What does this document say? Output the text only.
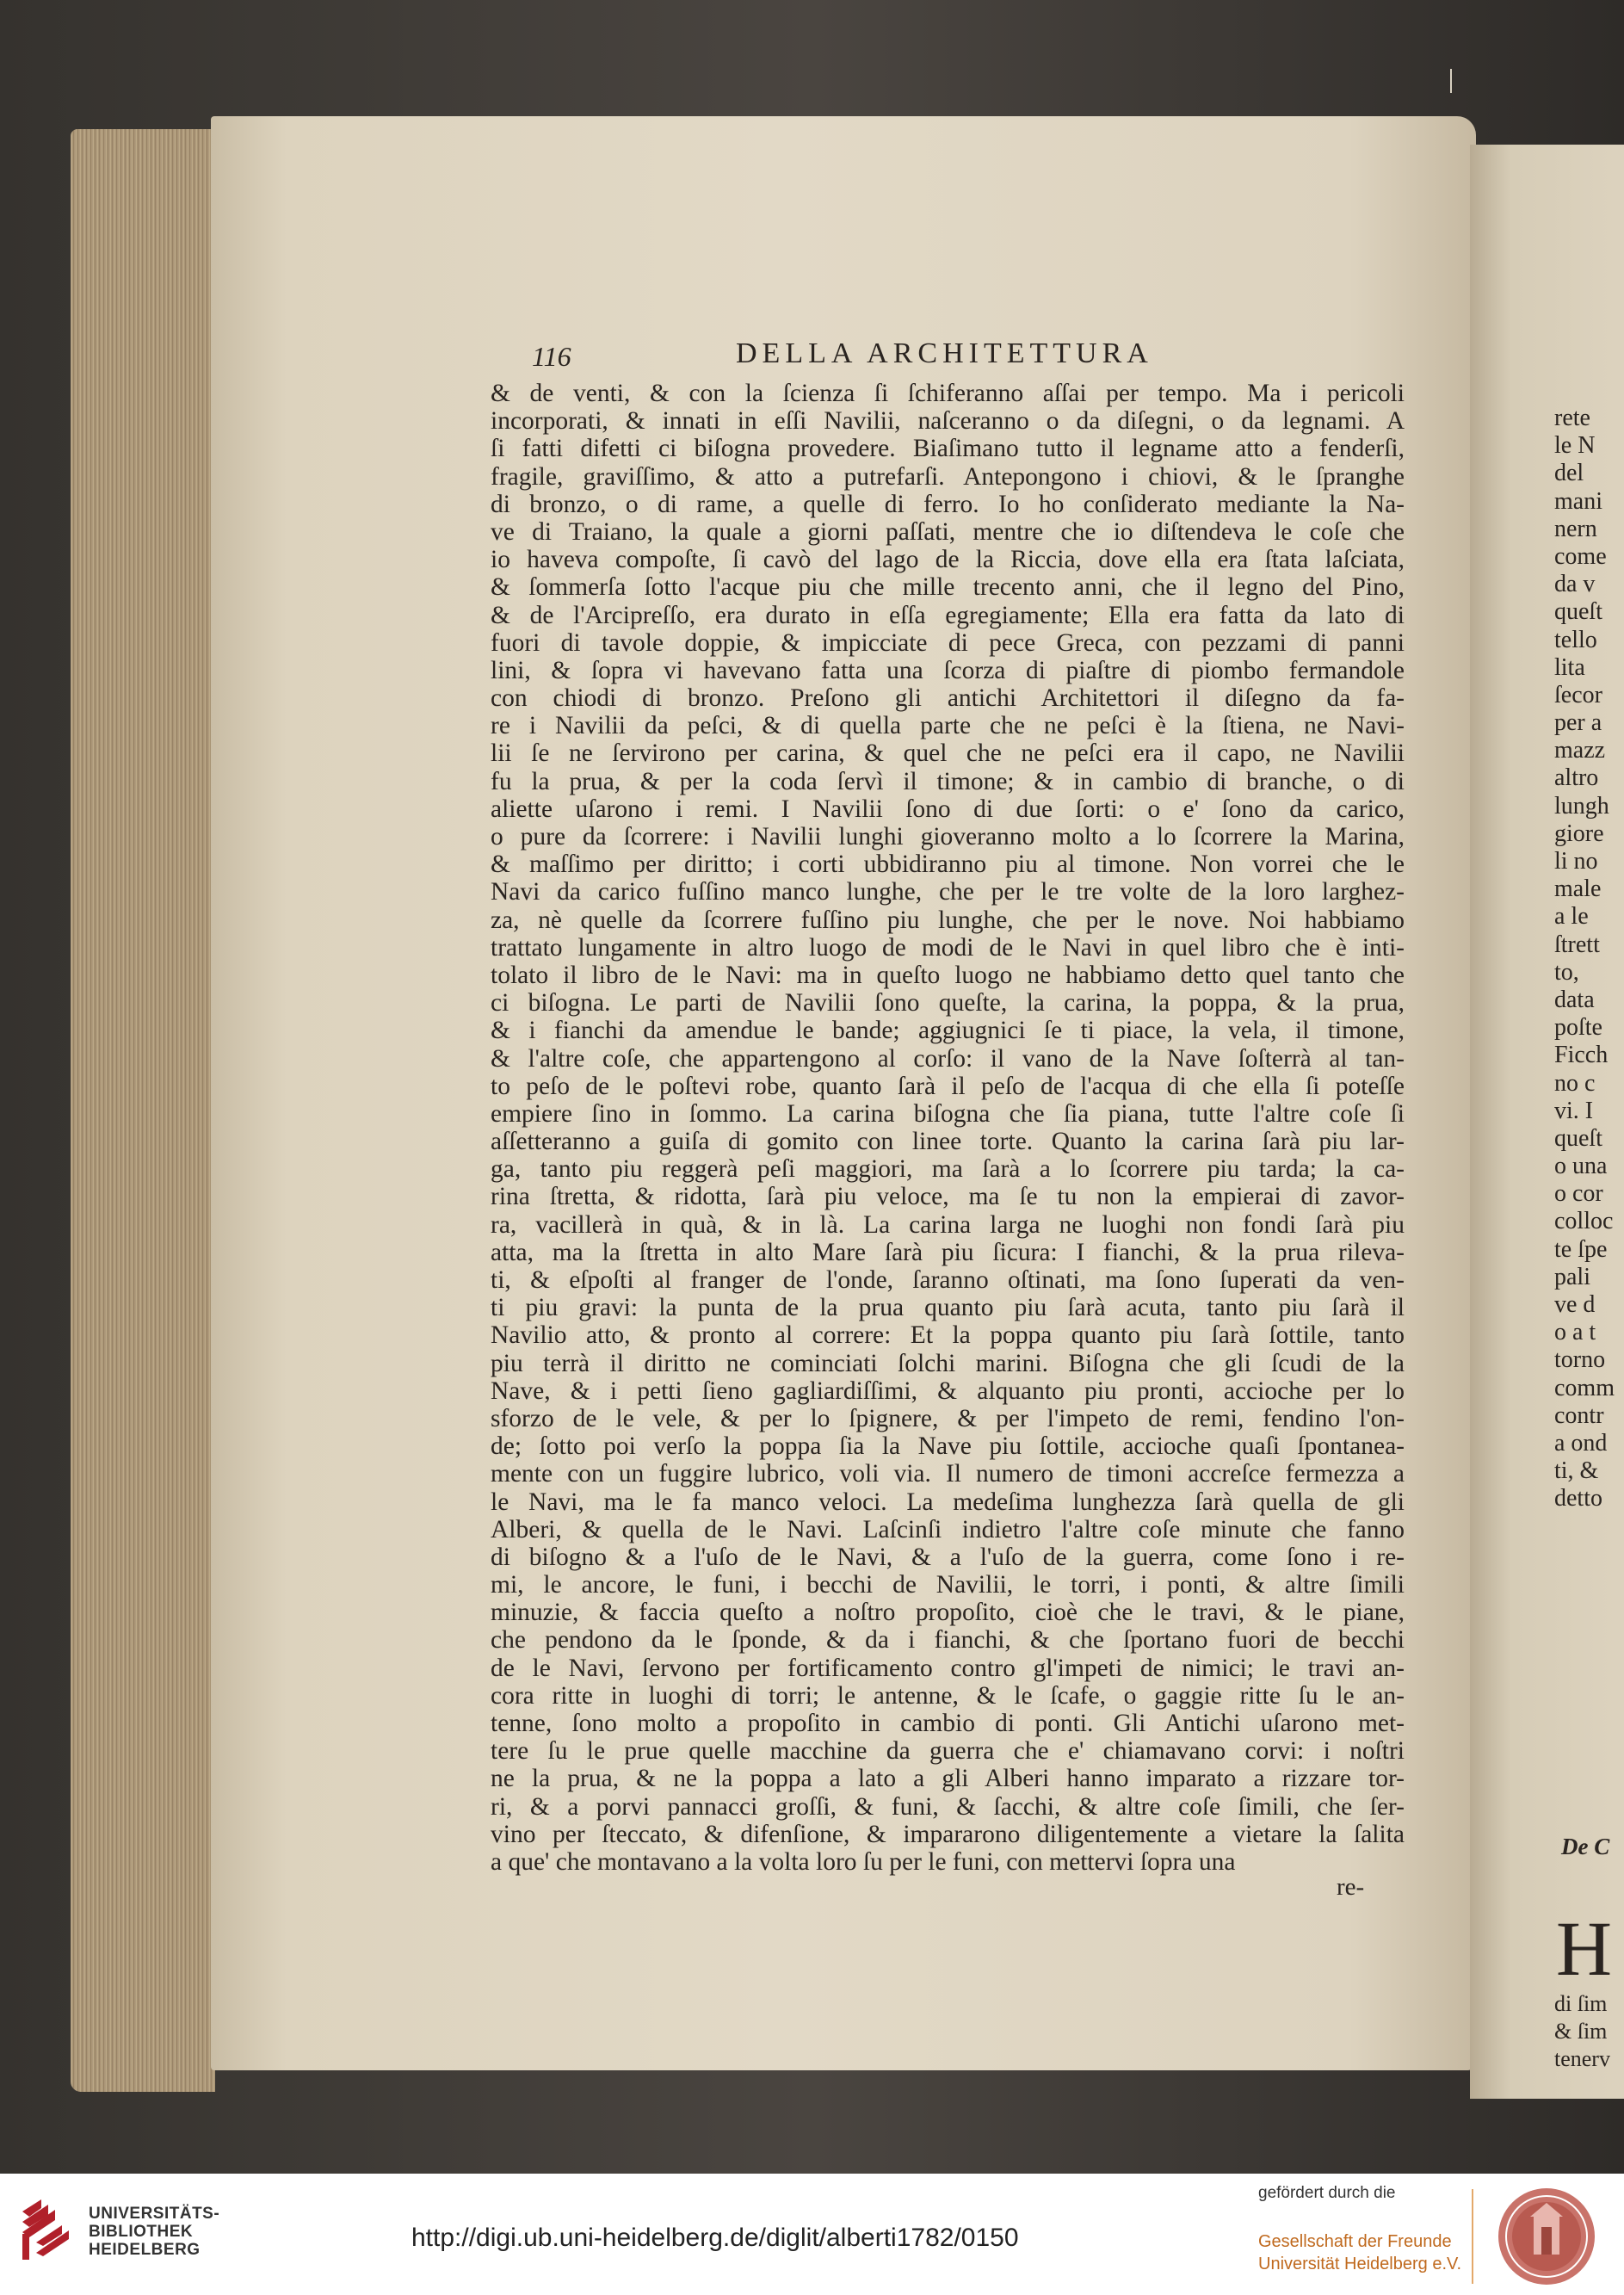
116	DELLA ARCHITETTURA
& de venti, & con la ſcienza ſi ſchiferanno aſſai per tempo. Ma i pericoli
incorporati, & innati in eſſi Navilii, naſceranno o da diſegni, o da legnami. A
ſi fatti difetti ci biſogna provedere. Biaſimano tutto il legname atto a fenderſi,
fragile, graviſſimo, & atto a putrefarſi. Antepongono i chiovi, & le ſpranghe
di bronzo, o di rame, a quelle di ferro. Io ho conſiderato mediante la Na-
ve di Traiano, la quale a giorni paſſati, mentre che io diſtendeva le coſe che
io haveva compoſte, ſi cavò del lago de la Riccia, dove ella era ſtata laſciata,
& ſommerſa ſotto l'acque piu che mille trecento anni, che il legno del Pino,
& de l'Arcipreſſo, era durato in eſſa egregiamente; Ella era fatta da lato di
fuori di tavole doppie, & impicciate di pece Greca, con pezzami di panni
lini, & ſopra vi havevano fatta una ſcorza di piaſtre di piombo fermandole
con chiodi di bronzo. Preſono gli antichi Architettori il diſegno da fa-
re i Navilii da peſci, & di quella parte che ne peſci è la ſtiena, ne Navi-
lii ſe ne ſervirono per carina, & quel che ne peſci era il capo, ne Navilii
fu la prua, & per la coda ſervì il timone; & in cambio di branche, o di
aliette uſarono i remi. I Navilii ſono di due ſorti: o e' ſono da carico,
o pure da ſcorrere: i Navilii lunghi gioveranno molto a lo ſcorrere la Marina,
& maſſimo per diritto; i corti ubbidiranno piu al timone. Non vorrei che le
Navi da carico fuſſino manco lunghe, che per le tre volte de la loro larghez-
za, nè quelle da ſcorrere fuſſino piu lunghe, che per le nove. Noi habbiamo
trattato lungamente in altro luogo de modi de le Navi in quel libro che è inti-
tolato il libro de le Navi: ma in queſto luogo ne habbiamo detto quel tanto che
ci biſogna. Le parti de Navilii ſono queſte, la carina, la poppa, & la prua,
& i fianchi da amendue le bande; aggiugnici ſe ti piace, la vela, il timone,
& l'altre coſe, che appartengono al corſo: il vano de la Nave ſoſterrà al tan-
to peſo de le poſtevi robe, quanto ſarà il peſo de l'acqua di che ella ſi poteſſe
empiere ſino in ſommo. La carina biſogna che ſia piana, tutte l'altre coſe ſi
aſſetteranno a guiſa di gomito con linee torte. Quanto la carina ſarà piu lar-
ga, tanto piu reggerà peſi maggiori, ma ſarà a lo ſcorrere piu tarda; la ca-
rina ſtretta, & ridotta, ſarà piu veloce, ma ſe tu non la empierai di zavor-
ra, vacillerà in quà, & in là. La carina larga ne luoghi non fondi ſarà piu
atta, ma la ſtretta in alto Mare ſarà piu ſicura: I fianchi, & la prua rileva-
ti, & eſpoſti al franger de l'onde, ſaranno oſtinati, ma ſono ſuperati da ven-
ti piu gravi: la punta de la prua quanto piu ſarà acuta, tanto piu ſarà il
Navilio atto, & pronto al correre: Et la poppa quanto piu ſarà ſottile, tanto
piu terrà il diritto ne cominciati ſolchi marini. Biſogna che gli ſcudi de la
Nave, & i petti ſieno gagliardiſſimi, & alquanto piu pronti, accioche per lo
sforzo de le vele, & per lo ſpignere, & per l'impeto de remi, fendino l'on-
de; ſotto poi verſo la poppa ſia la Nave piu ſottile, accioche quaſi ſpontanea-
mente con un fuggire lubrico, voli via. Il numero de timoni accreſce fermezza a
le Navi, ma le fa manco veloci. La medeſima lunghezza ſarà quella de gli
Alberi, & quella de le Navi. Laſcinſi indietro l'altre coſe minute che fanno
di biſogno & a l'uſo de le Navi, & a l'uſo de la guerra, come ſono i re-
mi, le ancore, le funi, i becchi de Navilii, le torri, i ponti, & altre ſimili
minuzie, & faccia queſto a noſtro propoſito, cioè che le travi, & le piane,
che pendono da le ſponde, & da i fianchi, & che ſportano fuori de becchi
de le Navi, ſervono per fortificamento contro gl'impeti de nimici; le travi an-
cora ritte in luoghi di torri; le antenne, & le ſcafe, o gaggie ritte ſu le an-
tenne, ſono molto a propoſito in cambio di ponti. Gli Antichi uſarono met-
tere ſu le prue quelle macchine da guerra che e' chiamavano corvi: i noſtri
ne la prua, & ne la poppa a lato a gli Alberi hanno imparato a rizzare tor-
ri, & a porvi pannacci groſſi, & funi, & ſacchi, & altre coſe ſimili, che ſer-
vino per ſteccato, & difenſione, & impararono diligentemente a vietare la ſalita
a que' che montavano a la volta loro ſu per le funi, con mettervi ſopra una
re-
rete
le N
del
mani
nern
come
da v
queſt
tello
lita
ſecor
per a
mazz
altro
lungh
giore
li no
male
a le
ſtrett
to,
data
poſte
Ficch
no c
vi. I
queſt
o una
o cor
colloc
te ſpe
pali
ve d
o a t
torno
comm
contr
a ond
ti, &
detto
De C
H
di ſim
& ſim
tenerv
UNIVERSITÄTS-
BIBLIOTHEK
HEIDELBERG	http://digi.ub.uni-heidelberg.de/diglit/alberti1782/0150
gefördert durch die
Gesellschaft der Freunde
Universität Heidelberg e.V.
